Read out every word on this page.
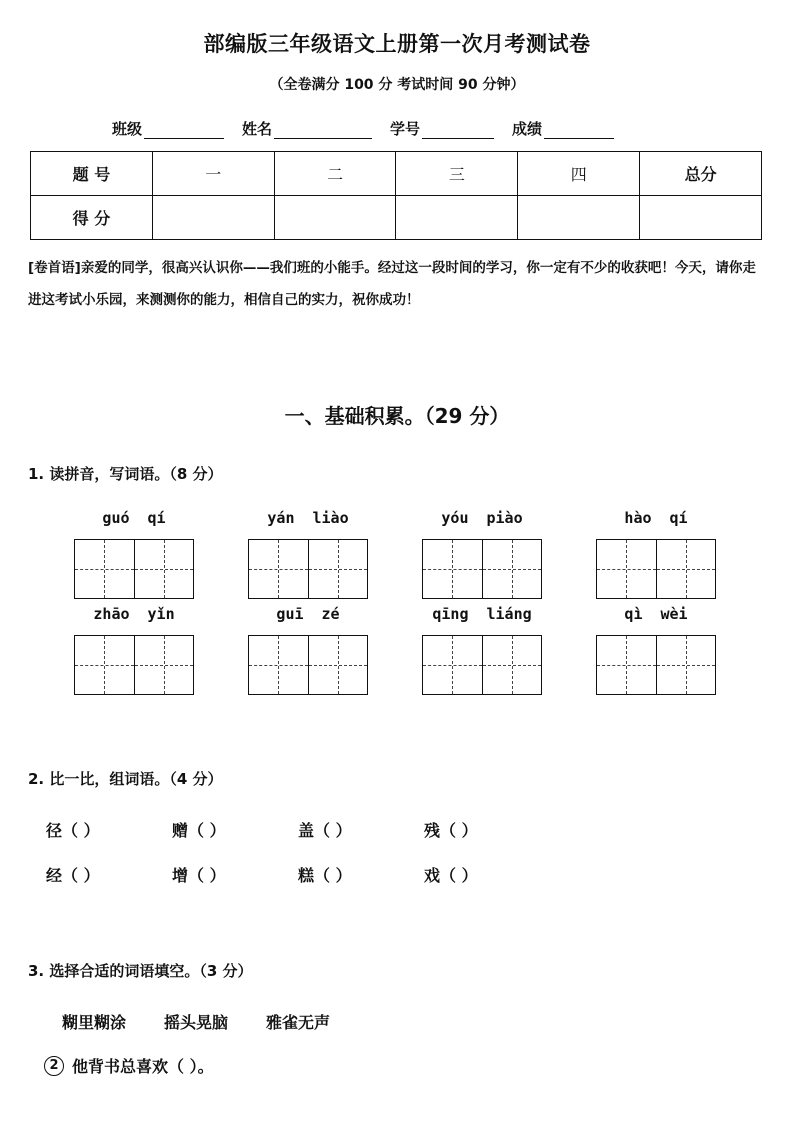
部编版三年级语文上册第一次月考测试卷
（全卷满分 100 分 考试时间 90 分钟）
班级	姓名	学号	成绩
题 号	一	二	三	四	总分
得 分					
[卷首语]亲爱的同学，很高兴认识你——我们班的小能手。经过这一段时间的学习，你一定有不少的收获吧！今天，请你走进这考试小乐园，来测测你的能力，相信自己的实力，祝你成功！
一、基础积累。（29 分）
1. 读拼音，写词语。（8 分）
guó qí	yán liào	yóu piào	hào qí
zhāo yǐn	guī zé	qīng liáng	qì wèi
2. 比一比，组词语。（4 分）
径（ ）	赠（ ）	盖（ ）	残（ ）
经（ ）	增（ ）	糕（ ）	戏（ ）
3. 选择合适的词语填空。（3 分）
糊里糊涂 摇头晃脑 雅雀无声
2 他背书总喜欢（ ）。
